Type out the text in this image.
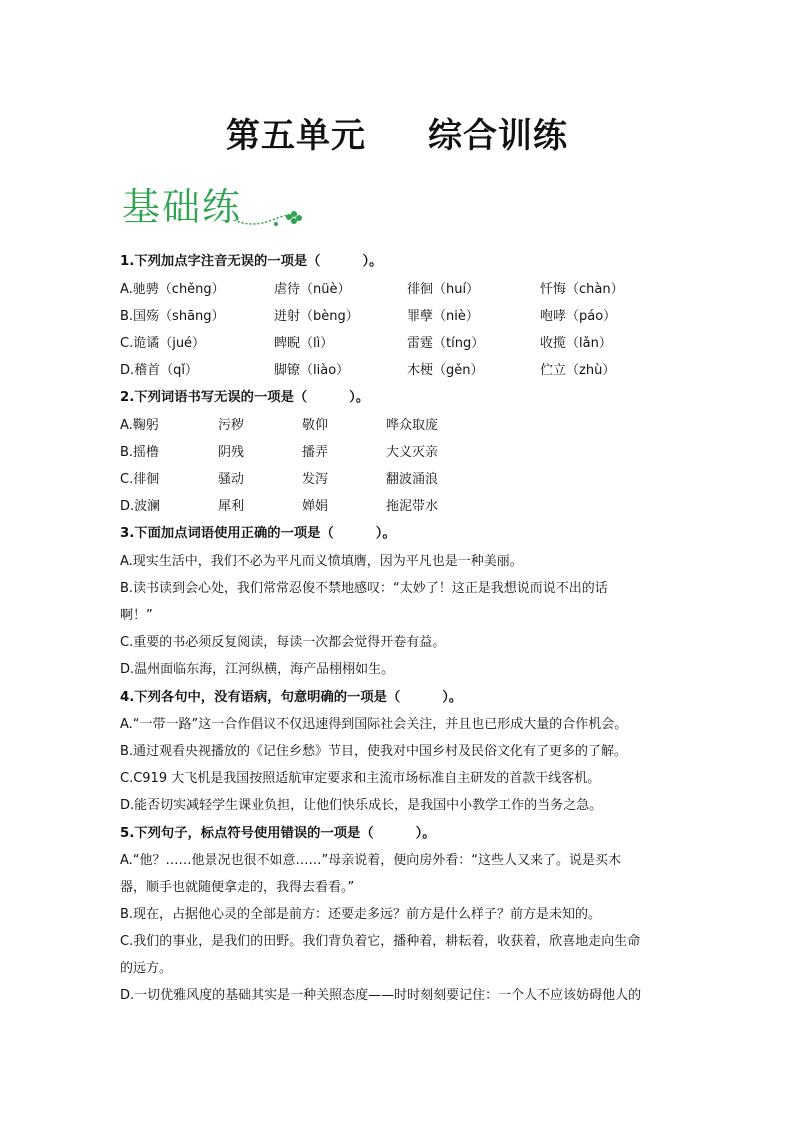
第五单元 综合训练
基础练
1.下列加点字注音无误的一项是（	）。
A.驰骋（chěng）	虐待（nüè）	徘徊（huí）	忏悔（chàn）
B.国殇（shāng）	迸射（bèng）	罪孽（niè）	咆哮（páo）
C.诡谲（jué）	睥睨（lì）	雷霆（tíng）	收揽（lǎn）
D.稽首（qǐ）	脚镣（liào）	木梗（gěn）	伫立（zhù）
2.下列词语书写无误的一项是（	）。
A.鞠躬	污秽	敬仰	哗众取庞
B.摇橹	阴残	播弄	大义灭亲
C.徘徊	骚动	发泻	翻波涌浪
D.波澜	犀利	婵娟	拖泥带水
3.下面加点词语使用正确的一项是（	）。
A.现实生活中，我们不必为平凡而义愤填膺，因为平凡也是一种美丽。
B.读书读到会心处，我们常常忍俊不禁地感叹：“太妙了！这正是我想说而说不出的话
啊！”
C.重要的书必须反复阅读，每读一次都会觉得开卷有益。
D.温州面临东海，江河纵横，海产品栩栩如生。
4.下列各句中，没有语病，句意明确的一项是（	）。
A.“一带一路”这一合作倡议不仅迅速得到国际社会关注，并且也已形成大量的合作机会。
B.通过观看央视播放的《记住乡愁》节目，使我对中国乡村及民俗文化有了更多的了解。
C.C919 大飞机是我国按照适航审定要求和主流市场标准自主研发的首款干线客机。
D.能否切实减轻学生课业负担，让他们快乐成长，是我国中小教学工作的当务之急。
5.下列句子，标点符号使用错误的一项是（	）。
A.“他？……他景况也很不如意……”母亲说着，便向房外看：“这些人又来了。说是买木
器，顺手也就随便拿走的，我得去看看。”
B.现在，占据他心灵的全部是前方：还要走多远？前方是什么样子？前方是未知的。
C.我们的事业，是我们的田野。我们背负着它，播种着，耕耘着，收获着，欣喜地走向生命
的远方。
D.一切优雅风度的基础其实是一种关照态度——时时刻刻要记住：一个人不应该妨碍他人的
